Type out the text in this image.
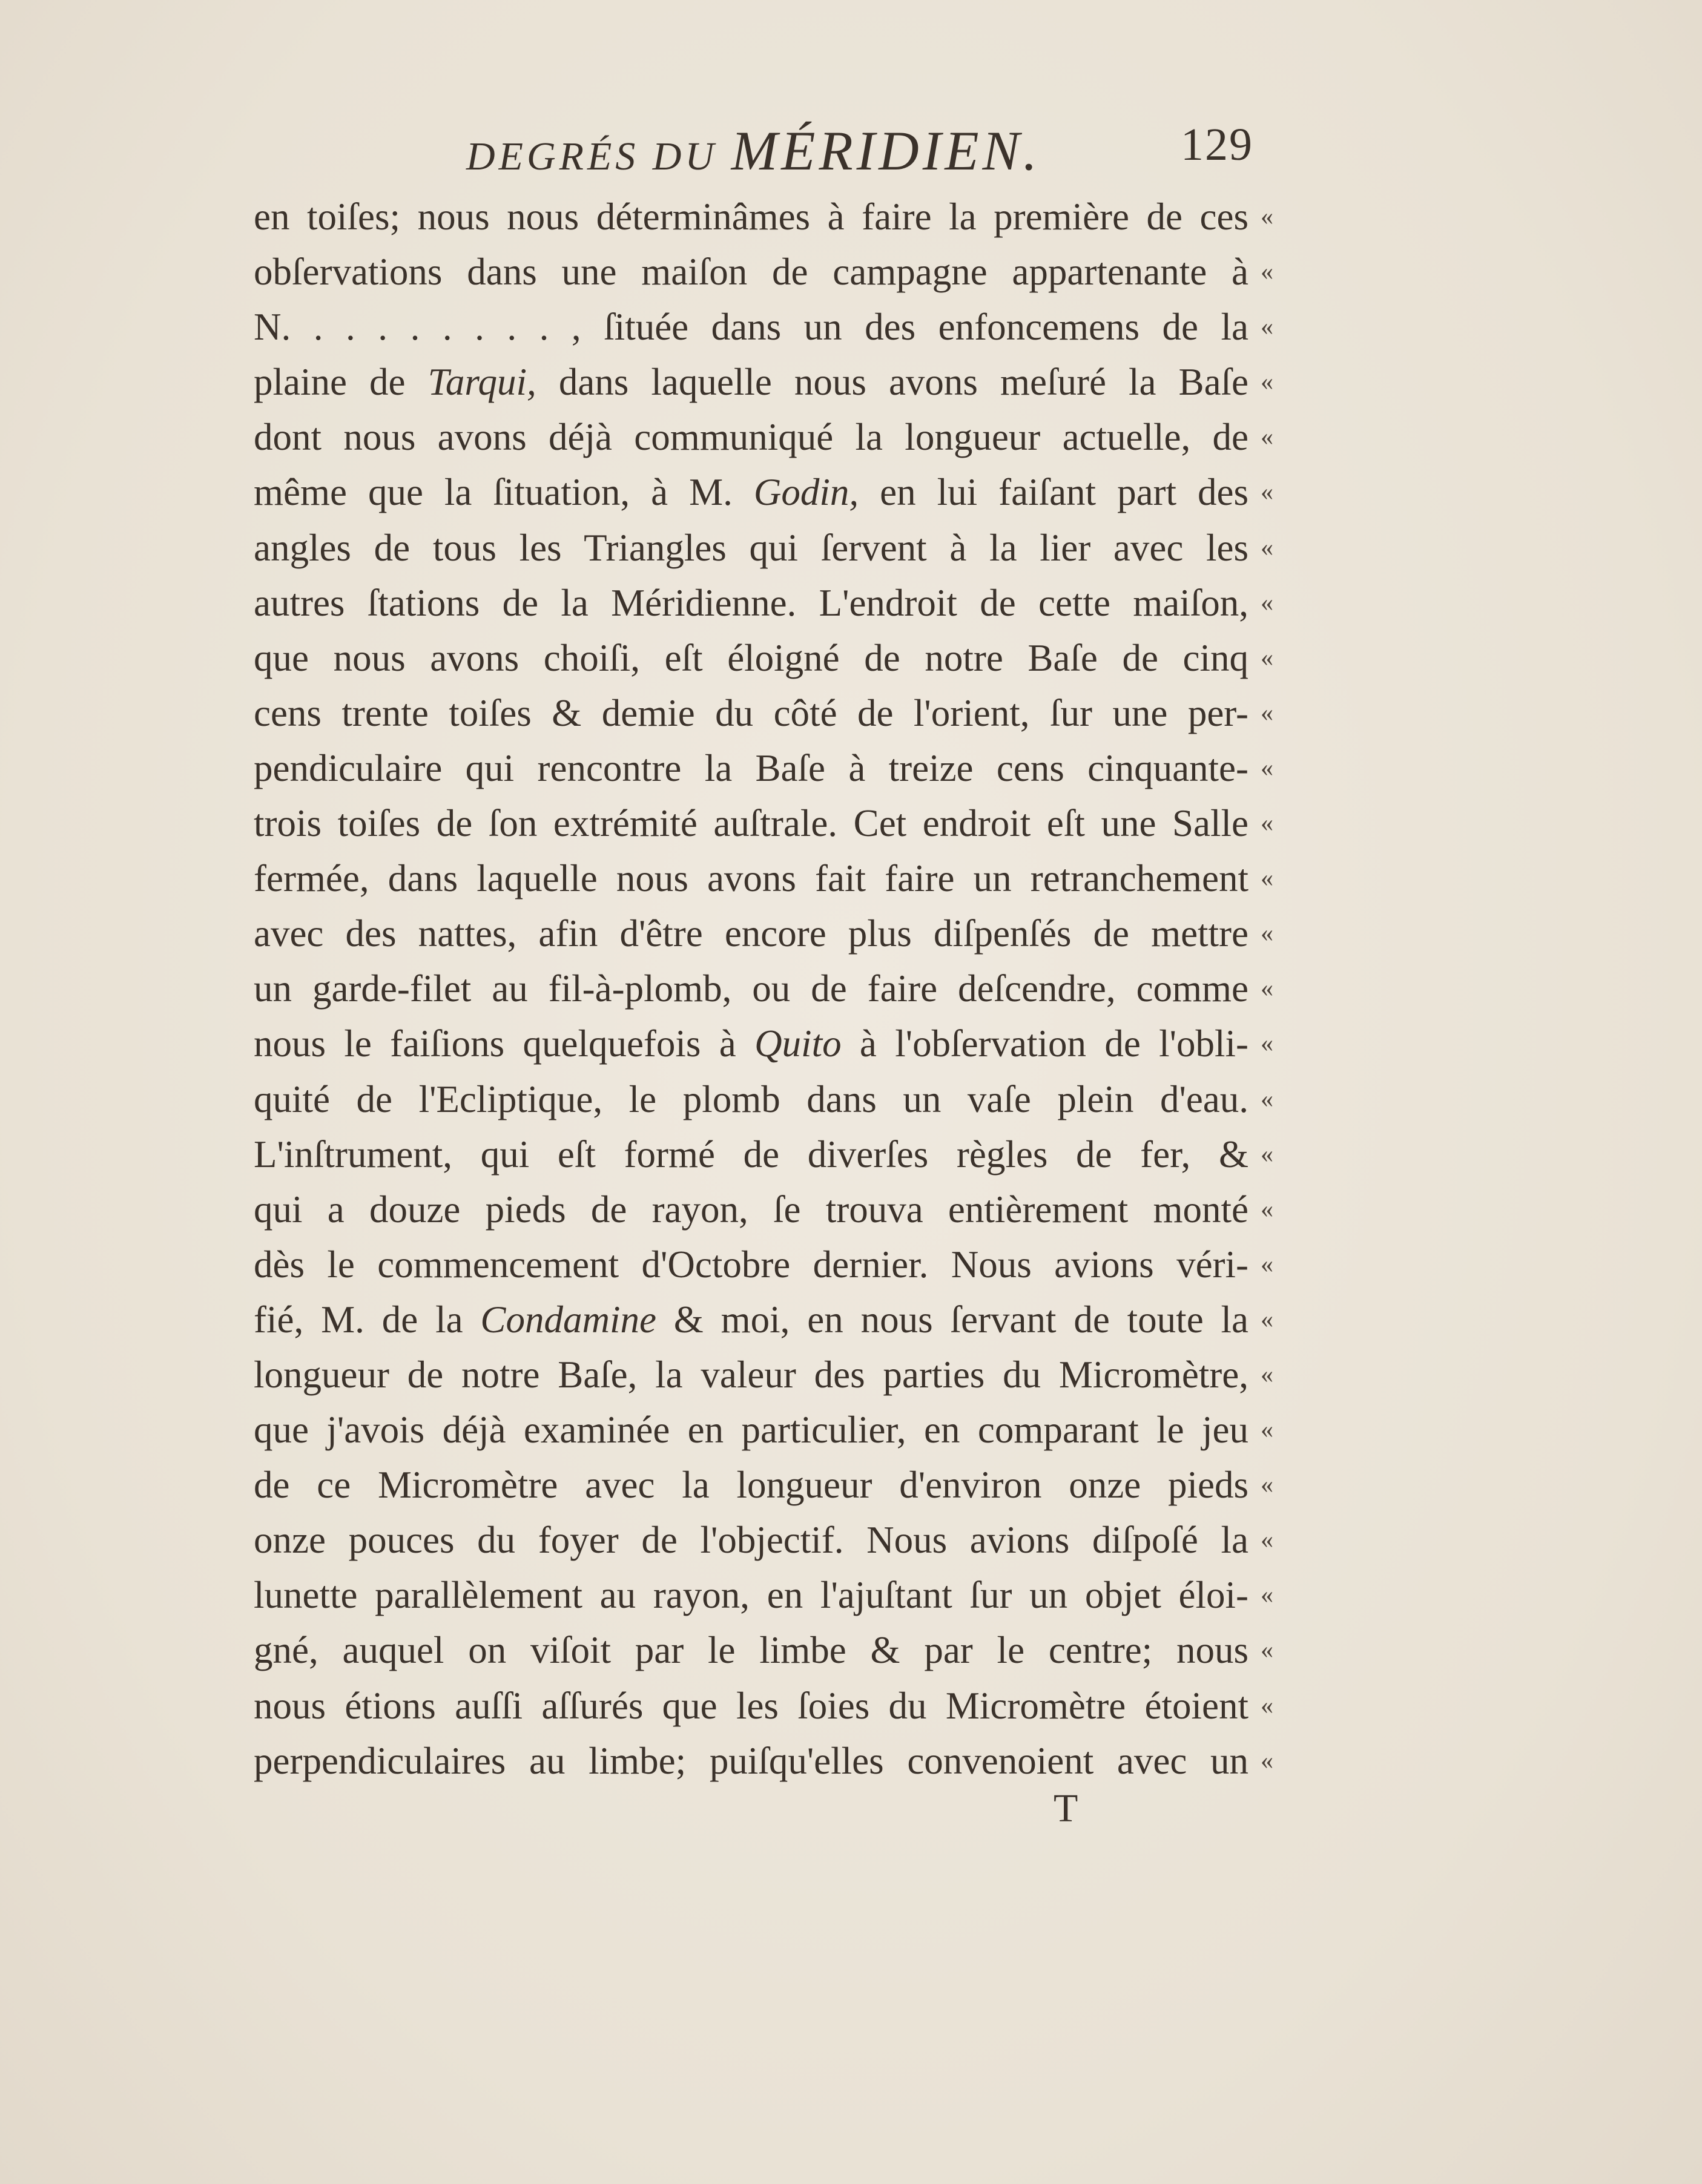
DEGRÉS DU MÉRIDIEN.	129
en toiſes; nous nous déterminâmes à faire la première de ces
obſervations dans une maiſon de campagne appartenante à
N. . . . . . . . . , ſituée dans un des enfoncemens de la
plaine de Tarqui, dans laquelle nous avons meſuré la Baſe
dont nous avons déjà communiqué la longueur actuelle, de
même que la ſituation, à M. Godin, en lui faiſant part des
angles de tous les Triangles qui ſervent à la lier avec les
autres ſtations de la Méridienne. L'endroit de cette maiſon,
que nous avons choiſi, eſt éloigné de notre Baſe de cinq
cens trente toiſes & demie du côté de l'orient, ſur une per-
pendiculaire qui rencontre la Baſe à treize cens cinquante-
trois toiſes de ſon extrémité auſtrale. Cet endroit eſt une Salle
fermée, dans laquelle nous avons fait faire un retranchement
avec des nattes, afin d'être encore plus diſpenſés de mettre
un garde-filet au fil-à-plomb, ou de faire deſcendre, comme
nous le faiſions quelquefois à Quito à l'obſervation de l'obli-
quité de l'Ecliptique, le plomb dans un vaſe plein d'eau.
L'inſtrument, qui eſt formé de diverſes règles de fer, &
qui a douze pieds de rayon, ſe trouva entièrement monté
dès le commencement d'Octobre dernier. Nous avions véri-
fié, M. de la Condamine & moi, en nous ſervant de toute la
longueur de notre Baſe, la valeur des parties du Micromètre,
que j'avois déjà examinée en particulier, en comparant le jeu
de ce Micromètre avec la longueur d'environ onze pieds
onze pouces du foyer de l'objectif. Nous avions diſpoſé la
lunette parallèlement au rayon, en l'ajuſtant ſur un objet éloi-
gné, auquel on viſoit par le limbe & par le centre; nous
nous étions auſſi aſſurés que les ſoies du Micromètre étoient
perpendiculaires au limbe; puiſqu'elles convenoient avec un
«
«
«
«
«
«
«
«
«
«
«
«
«
«
«
«
«
«
«
«
«
«
«
«
«
«
«
«
«
T
